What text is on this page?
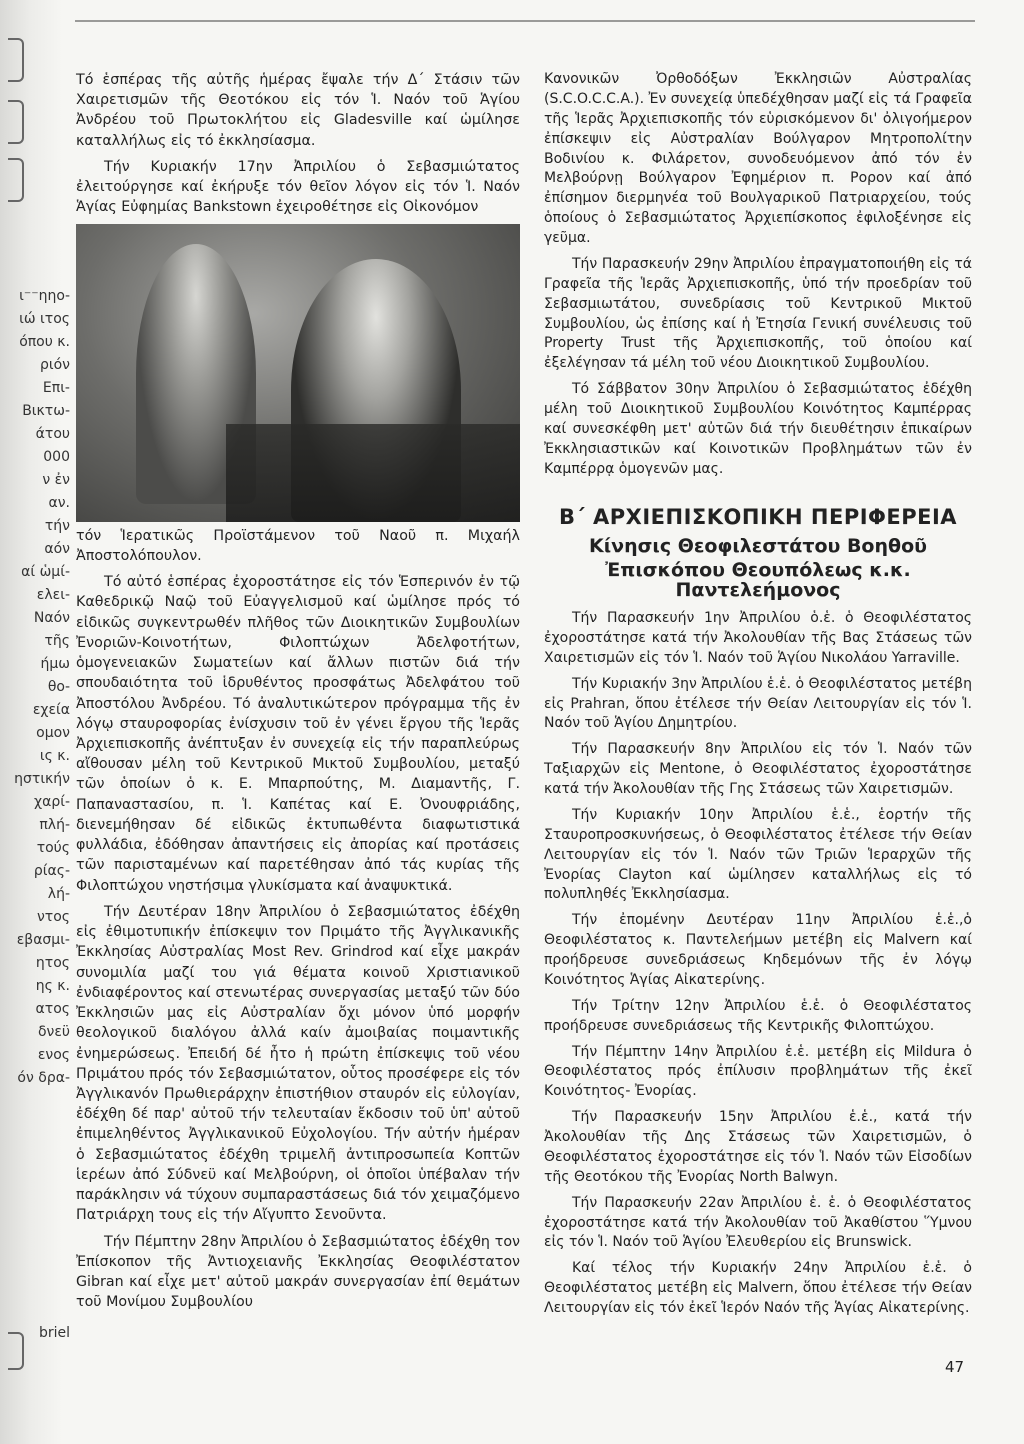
ι⁻⁻ηηο-
ιώ ιτος
όπου κ.
ριόν
Επι-
Βικτω-
άτου
000
ν ἐν
αν.
τήν
αόν
αί ὡμί-
ελει-
Ναόν
τῆς
ήμω
θο-
εχεία
ομον
ις κ.
ηστικήν
χαρί-
πλή-
τούς
ρίας-
λή-
ντος
εβασμι-
ητος
ης κ.
ατος
δνεϋ
ενος
όν δρα-
briel

Τό ἑσπέρας τῆς αὐτῆς ἡμέρας ἔψαλε τήν Δ΄ Στάσιν τῶν Χαιρετισμῶν τῆς Θεοτόκου εἰς τόν Ἱ. Ναόν τοῦ Ἁγίου Ἀνδρέου τοῦ Πρωτοκλήτου εἰς Gladesville καί ὡμίλησε καταλλήλως εἰς τό ἐκκλησίασμα.

Τήν Κυριακήν 17ην Ἀπριλίου ὁ Σεβασμιώτατος ἐλειτούργησε καί ἐκήρυξε τόν θεῖον λόγον εἰς τόν Ἱ. Ναόν Ἁγίας Εὐφημίας Bankstown ἐχειροθέτησε εἰς Οἰκονόμον

τόν Ἱερατικῶς Προϊστάμενον τοῦ Ναοῦ π. Μιχαήλ Ἀποστολόπουλον.

Τό αὐτό ἑσπέρας ἐχοροστάτησε εἰς τόν Ἑσπερινόν ἐν τῷ Καθεδρικῷ Ναῷ τοῦ Εὐαγγελισμοῦ καί ὡμίλησε πρός τό εἰδικῶς συγκεντρωθέν πλῆθος τῶν Διοικητικῶν Συμβουλίων Ἐνοριῶν-Κοινοτήτων, Φιλοπτώχων Ἀδελφοτήτων, ὁμογενειακῶν Σωματείων καί ἄλλων πιστῶν διά τήν σπουδαιότητα τοῦ ἱδρυθέντος προσφάτως Ἀδελφάτου τοῦ Ἀποστόλου Ἀνδρέου. Τό ἀναλυτικώτερον πρόγραμμα τῆς ἐν λόγῳ σταυροφορίας ἐνίσχυσιν τοῦ ἐν γένει ἔργου τῆς Ἱερᾶς Ἀρχιεπισκοπῆς ἀνέπτυξαν ἐν συνεχείᾳ εἰς τήν παραπλεύρως αἴθουσαν μέλη τοῦ Κεντρικοῦ Μικτοῦ Συμβουλίου, μεταξύ τῶν ὁποίων ὁ κ. Ε. Μπαρπούτης, Μ. Διαμαντῆς, Γ. Παπαναστασίου, π. Ἱ. Καπέτας καί Ε. Ὀνουφριάδης, διενεμήθησαν δέ εἰδικῶς ἐκτυπωθέντα διαφωτιστικά φυλλάδια, ἐδόθησαν ἀπαντήσεις εἰς ἀπορίας καί προτάσεις τῶν παρισταμένων καί παρετέθησαν ἀπό τάς κυρίας τῆς Φιλοπτώχου νηστήσιμα γλυκίσματα καί ἀναψυκτικά.

Τήν Δευτέραν 18ην Ἀπριλίου ὁ Σεβασμιώτατος ἐδέχθη εἰς ἐθιμοτυπικήν ἐπίσκεψιν τον Πριμάτο τῆς Ἀγγλικανικῆς Ἐκκλησίας Αὐστραλίας Most Rev. Grindrod καί εἶχε μακράν συνομιλία μαζί του γιά θέματα κοινοῦ Χριστιανικοῦ ἐνδιαφέροντος καί στενωτέρας συνεργασίας μεταξύ τῶν δύο Ἐκκλησιῶν μας εἰς Αὐστραλίαν ὄχι μόνον ὑπό μορφήν θεολογικοῦ διαλόγου ἀλλά καίν ἀμοιβαίας ποιμαντικῆς ἐνημερώσεως. Ἐπειδή δέ ἦτο ἡ πρώτη ἐπίσκεψις τοῦ νέου Πριμάτου πρός τόν Σεβασμιώτατον, οὗτος προσέφερε εἰς τόν Ἀγγλικανόν Πρωθιεράρχην ἐπιστήθιον σταυρόν εἰς εὐλογίαν, ἐδέχθη δέ παρ' αὐτοῦ τήν τελευταίαν ἔκδοσιν τοῦ ὑπ' αὐτοῦ ἐπιμεληθέντος Ἀγγλικανικοῦ Εὐχολογίου. Τήν αὐτήν ἡμέραν ὁ Σεβασμιώτατος ἐδέχθη τριμελῆ ἀντιπροσωπεία Κοπτῶν ἱερέων ἀπό Σύδνεϋ καί Μελβούρνη, οἱ ὁποῖοι ὑπέβαλαν τήν παράκλησιν νά τύχουν συμπαραστάσεως διά τόν χειμαζόμενο Πατριάρχη τους εἰς τήν Αἴγυπτο Σενοῦντα.

Τήν Πέμπτην 28ην Ἀπριλίου ὁ Σεβασμιώτατος ἐδέχθη τον Ἐπίσκοπον τῆς Ἀντιοχειανῆς Ἐκκλησίας Θεοφιλέστατον Gibran καί εἶχε μετ' αὐτοῦ μακράν συνεργασίαν ἐπί θεμάτων τοῦ Μονίμου Συμβουλίου

Κανονικῶν Ὀρθοδόξων Ἐκκλησιῶν Αὐστραλίας (S.C.O.C.C.A.). Ἐν συνεχείᾳ ὑπεδέχθησαν μαζί εἰς τά Γραφεῖα τῆς Ἱερᾶς Ἀρχιεπισκοπῆς τόν εὑρισκόμενον δι' ὀλιγοήμερον ἐπίσκεψιν εἰς Αὐστραλίαν Βούλγαρον Μητροπολίτην Βοδινίου κ. Φιλάρετον, συνοδευόμενον ἀπό τόν ἐν Μελβούρνῃ Βούλγαρον Ἐφημέριον π. Ρορον καί ἀπό ἐπίσημον διερμηνέα τοῦ Βουλγαρικοῦ Πατριαρχείου, τούς ὁποίους ὁ Σεβασμιώτατος Ἀρχιεπίσκοπος ἐφιλοξένησε εἰς γεῦμα.

Τήν Παρασκευήν 29ην Ἀπριλίου ἐπραγματοποιήθη εἰς τά Γραφεῖα τῆς Ἱερᾶς Ἀρχιεπισκοπῆς, ὑπό τήν προεδρίαν τοῦ Σεβασμιωτάτου, συνεδρίασις τοῦ Κεντρικοῦ Μικτοῦ Συμβουλίου, ὡς ἐπίσης καί ἡ Ἐτησία Γενική συνέλευσις τοῦ Property Trust τῆς Ἀρχιεπισκοπῆς, τοῦ ὁποίου καί ἐξελέγησαν τά μέλη τοῦ νέου Διοικητικοῦ Συμβουλίου.

Τό Σάββατον 30ην Ἀπριλίου ὁ Σεβασμιώτατος ἐδέχθη μέλη τοῦ Διοικητικοῦ Συμβουλίου Κοινότητος Καμπέρρας καί συνεσκέφθη μετ' αὐτῶν διά τήν διευθέτησιν ἐπικαίρων Ἐκκλησιαστικῶν καί Κοινοτικῶν Προβλημάτων τῶν ἐν Καμπέρρᾳ ὁμογενῶν μας.

Β΄ ΑΡΧΙΕΠΙΣΚΟΠΙΚΗ ΠΕΡΙΦΕΡΕΙΑ
Κίνησις Θεοφιλεστάτου Βοηθοῦ
Ἐπισκόπου Θεουπόλεως κ.κ. Παντελεήμονος

Τήν Παρασκευήν 1ην Ἀπριλίου ὁ.ἑ. ὁ Θεοφιλέστατος ἐχοροστάτησε κατά τήν Ἀκολουθίαν τῆς Βας Στάσεως τῶν Χαιρετισμῶν εἰς τόν Ἱ. Ναόν τοῦ Ἁγίου Νικολάου Yarraville.

Τήν Κυριακήν 3ην Ἀπριλίου ἑ.ἑ. ὁ Θεοφιλέστατος μετέβη εἰς Prahran, ὅπου ἐτέλεσε τήν Θείαν Λειτουργίαν εἰς τόν Ἱ. Ναόν τοῦ Ἁγίου Δημητρίου.

Τήν Παρασκευήν 8ην Ἀπριλίου εἰς τόν Ἱ. Ναόν τῶν Ταξιαρχῶν εἰς Mentone, ὁ Θεοφιλέστατος ἐχοροστάτησε κατά τήν Ἀκολουθίαν τῆς Γης Στάσεως τῶν Χαιρετισμῶν.

Τήν Κυριακήν 10ην Ἀπριλίου ἑ.ἑ., ἑορτήν τῆς Σταυροπροσκυνήσεως, ὁ Θεοφιλέστατος ἐτέλεσε τήν Θείαν Λειτουργίαν εἰς τόν Ἱ. Ναόν τῶν Τριῶν Ἱεραρχῶν τῆς Ἐνορίας Clayton καί ὡμίλησεν καταλλήλως εἰς τό πολυπληθές Ἐκκλησίασμα.

Τήν ἐπομένην Δευτέραν 11ην Ἀπριλίου ἑ.ἑ.,ὁ Θεοφιλέστατος κ. Παντελεήμων μετέβη εἰς Malvern καί προήδρευσε συνεδριάσεως Κηδεμόνων τῆς ἐν λόγῳ Κοινότητος Ἁγίας Αἰκατερίνης.

Τήν Τρίτην 12ην Ἀπριλίου ἑ.ἑ. ὁ Θεοφιλέστατος προήδρευσε συνεδριάσεως τῆς Κεντρικῆς Φιλοπτώχου.

Τήν Πέμπτην 14ην Ἀπριλίου ἑ.ἑ. μετέβη εἰς Mildura ὁ Θεοφιλέστατος πρός ἐπίλυσιν προβλημάτων τῆς ἐκεῖ Κοινότητος- Ἐνορίας.

Τήν Παρασκευήν 15ην Ἀπριλίου ἑ.ἑ., κατά τήν Ἀκολουθίαν τῆς Δης Στάσεως τῶν Χαιρετισμῶν, ὁ Θεοφιλέστατος ἐχοροστάτησε εἰς τόν Ἱ. Ναόν τῶν Εἰσοδίων τῆς Θεοτόκου τῆς Ἐνορίας North Balwyn.

Τήν Παρασκευήν 22αν Ἀπριλίου ἑ. ἑ. ὁ Θεοφιλέστατος ἐχοροστάτησε κατά τήν Ἀκολουθίαν τοῦ Ἀκαθίστου Ὕμνου εἰς τόν Ἱ. Ναόν τοῦ Ἁγίου Ἐλευθερίου εἰς Brunswick.

Καί τέλος τήν Κυριακήν 24ην Ἀπριλίου ἑ.ἑ. ὁ Θεοφιλέστατος μετέβη εἰς Malvern, ὅπου ἐτέλεσε τήν Θείαν Λειτουργίαν εἰς τόν ἐκεῖ Ἱερόν Ναόν τῆς Ἁγίας Αἰκατερίνης.

47
